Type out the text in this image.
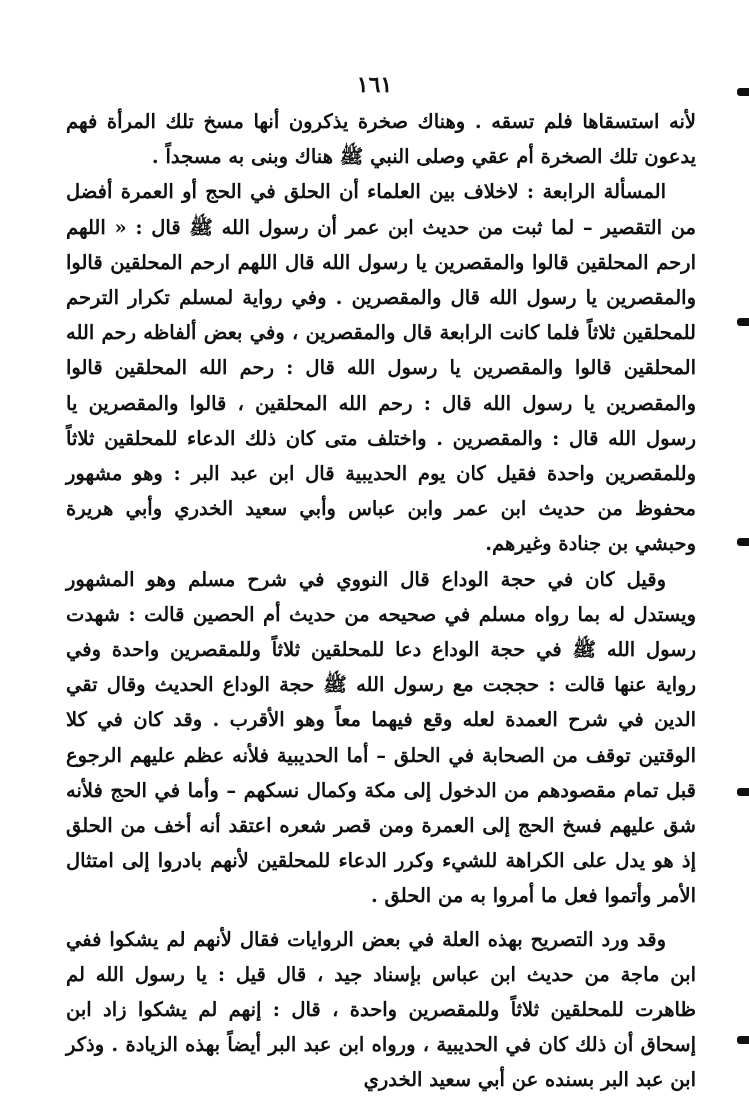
١٦١

لأنه استسقاها فلم تسقه . وهناك صخرة يذكرون أنها مسخ تلك المرأة فهم يدعون تلك الصخرة أم عقي وصلى النبي ﷺ هناك وبنى به مسجداً .

المسألة الرابعة : لاخلاف بين العلماء أن الحلق في الحج أو العمرة أفضل من التقصير – لما ثبت من حديث ابن عمر أن رسول الله ﷺ قال : « اللهم ارحم المحلقين قالوا والمقصرين يا رسول الله قال اللهم ارحم المحلقين قالوا والمقصرين يا رسول الله قال والمقصرين . وفي رواية لمسلم تكرار الترحم للمحلقين ثلاثاً فلما كانت الرابعة قال والمقصرين ، وفي بعض ألفاظه رحم الله المحلقين قالوا والمقصرين يا رسول الله قال : رحم الله المحلقين قالوا والمقصرين يا رسول الله قال : رحم الله المحلقين ، قالوا والمقصرين يا رسول الله قال : والمقصرين . واختلف متى كان ذلك الدعاء للمحلقين ثلاثاً وللمقصرين واحدة فقيل كان يوم الحديبية قال ابن عبد البر : وهو مشهور محفوظ من حديث ابن عمر وابن عباس وأبي سعيد الخدري وأبي هريرة وحبشي بن جنادة وغيرهم.

وقيل كان في حجة الوداع قال النووي في شرح مسلم وهو المشهور ويستدل له بما رواه مسلم في صحيحه من حديث أم الحصين قالت : شهدت رسول الله ﷺ في حجة الوداع دعا للمحلقين ثلاثاً وللمقصرين واحدة وفي رواية عنها قالت : حججت مع رسول الله ﷺ حجة الوداع الحديث وقال تقي الدين في شرح العمدة لعله وقع فيهما معاً وهو الأقرب . وقد كان في كلا الوقتين توقف من الصحابة في الحلق – أما الحديبية فلأنه عظم عليهم الرجوع قبل تمام مقصودهم من الدخول إلى مكة وكمال نسكهم – وأما في الحج فلأنه شق عليهم فسخ الحج إلى العمرة ومن قصر شعره اعتقد أنه أخف من الحلق إذ هو يدل على الكراهة للشيء وكرر الدعاء للمحلقين لأنهم بادروا إلى امتثال الأمر وأتموا فعل ما أمروا به من الحلق .

وقد ورد التصريح بهذه العلة في بعض الروايات فقال لأنهم لم يشكوا ففي ابن ماجة من حديث ابن عباس بإسناد جيد ، قال قيل : يا رسول الله لم ظاهرت للمحلقين ثلاثاً وللمقصرين واحدة ، قال : إنهم لم يشكوا زاد ابن إسحاق أن ذلك كان في الحديبية ، ورواه ابن عبد البر أيضاً بهذه الزيادة . وذكر ابن عبد البر بسنده عن أبي سعيد الخدري
